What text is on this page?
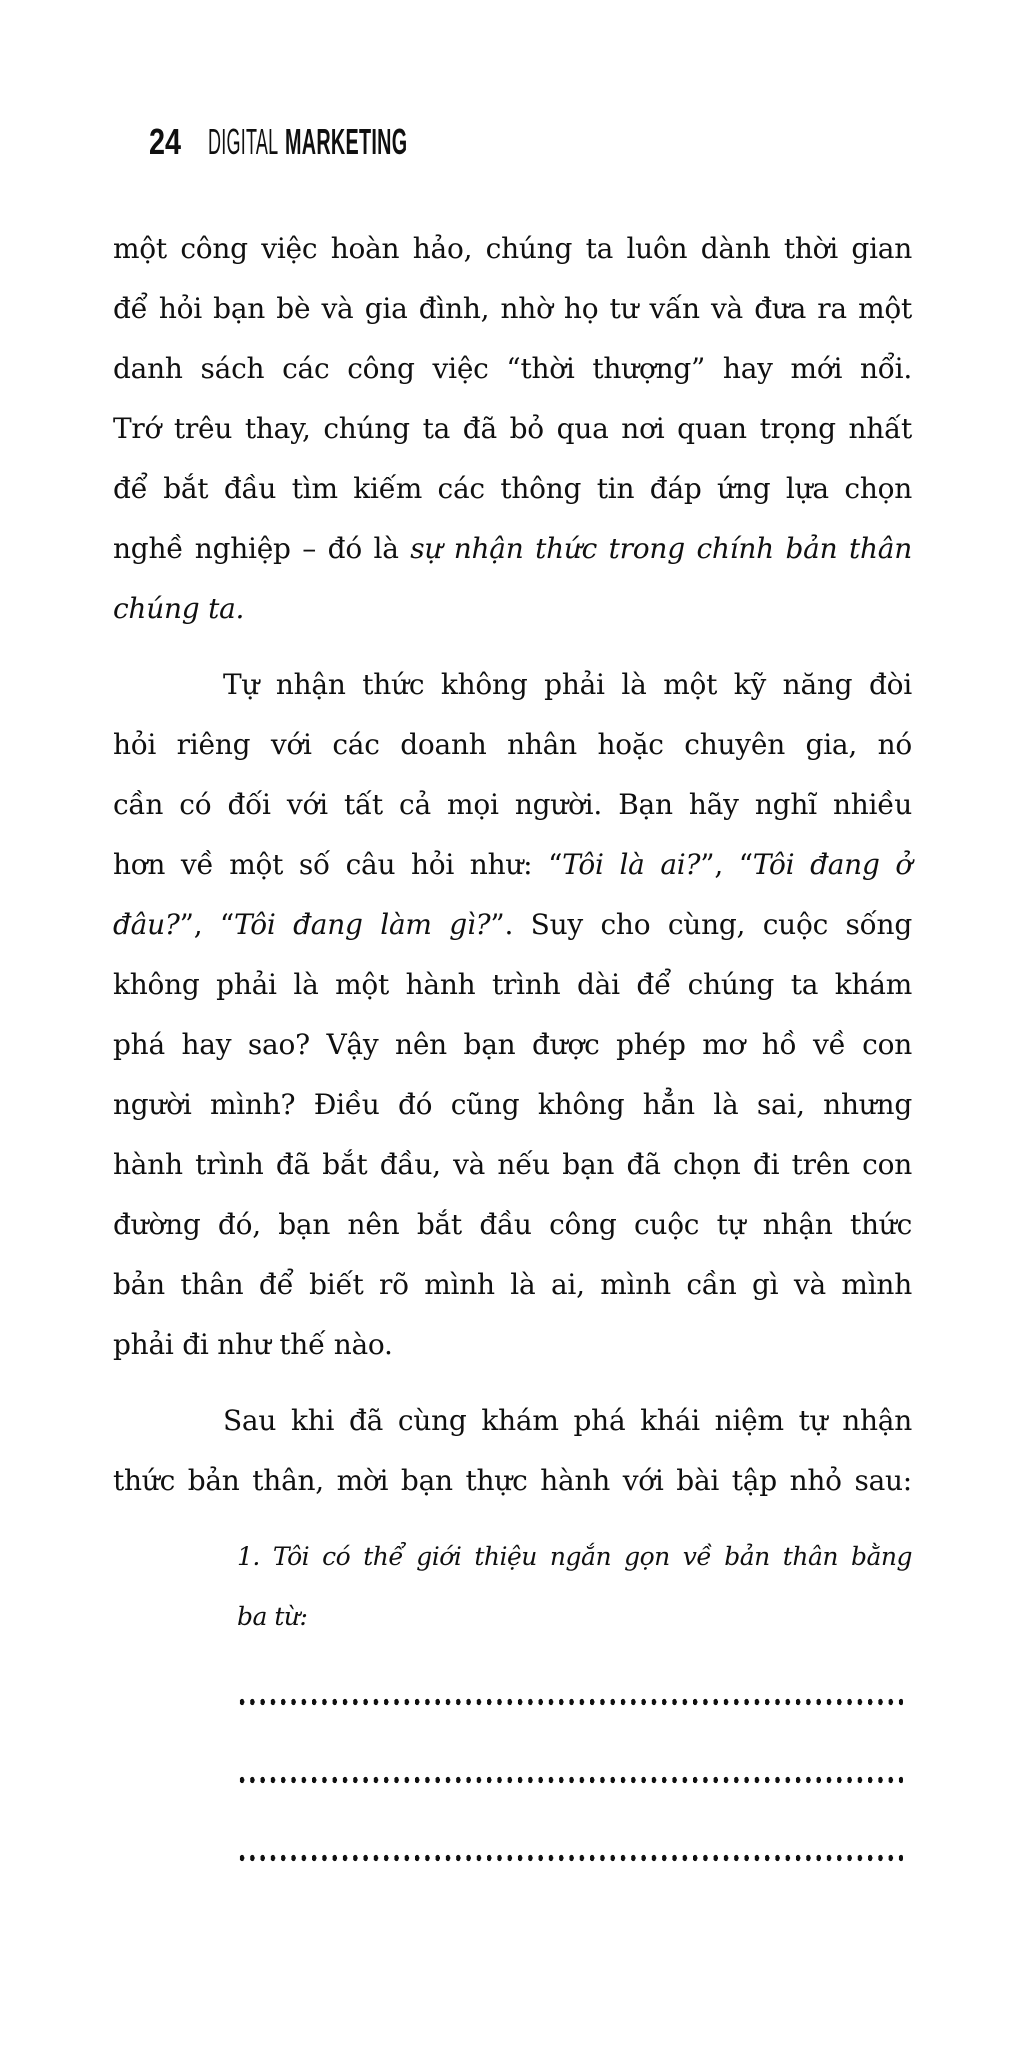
24 DIGITAL MARKETING
một công việc hoàn hảo, chúng ta luôn dành thời gian
để hỏi bạn bè và gia đình, nhờ họ tư vấn và đưa ra một
danh sách các công việc “thời thượng” hay mới nổi.
Trớ trêu thay, chúng ta đã bỏ qua nơi quan trọng nhất
để bắt đầu tìm kiếm các thông tin đáp ứng lựa chọn
nghề nghiệp – đó là sự nhận thức trong chính bản thân
chúng ta.
Tự nhận thức không phải là một kỹ năng đòi
hỏi riêng với các doanh nhân hoặc chuyên gia, nó
cần có đối với tất cả mọi người. Bạn hãy nghĩ nhiều
hơn về một số câu hỏi như: “Tôi là ai?”, “Tôi đang ở
đâu?”, “Tôi đang làm gì?”. Suy cho cùng, cuộc sống
không phải là một hành trình dài để chúng ta khám
phá hay sao? Vậy nên bạn được phép mơ hồ về con
người mình? Điều đó cũng không hẳn là sai, nhưng
hành trình đã bắt đầu, và nếu bạn đã chọn đi trên con
đường đó, bạn nên bắt đầu công cuộc tự nhận thức
bản thân để biết rõ mình là ai, mình cần gì và mình
phải đi như thế nào.
Sau khi đã cùng khám phá khái niệm tự nhận
thức bản thân, mời bạn thực hành với bài tập nhỏ sau:
1. Tôi có thể giới thiệu ngắn gọn về bản thân bằng
ba từ:
